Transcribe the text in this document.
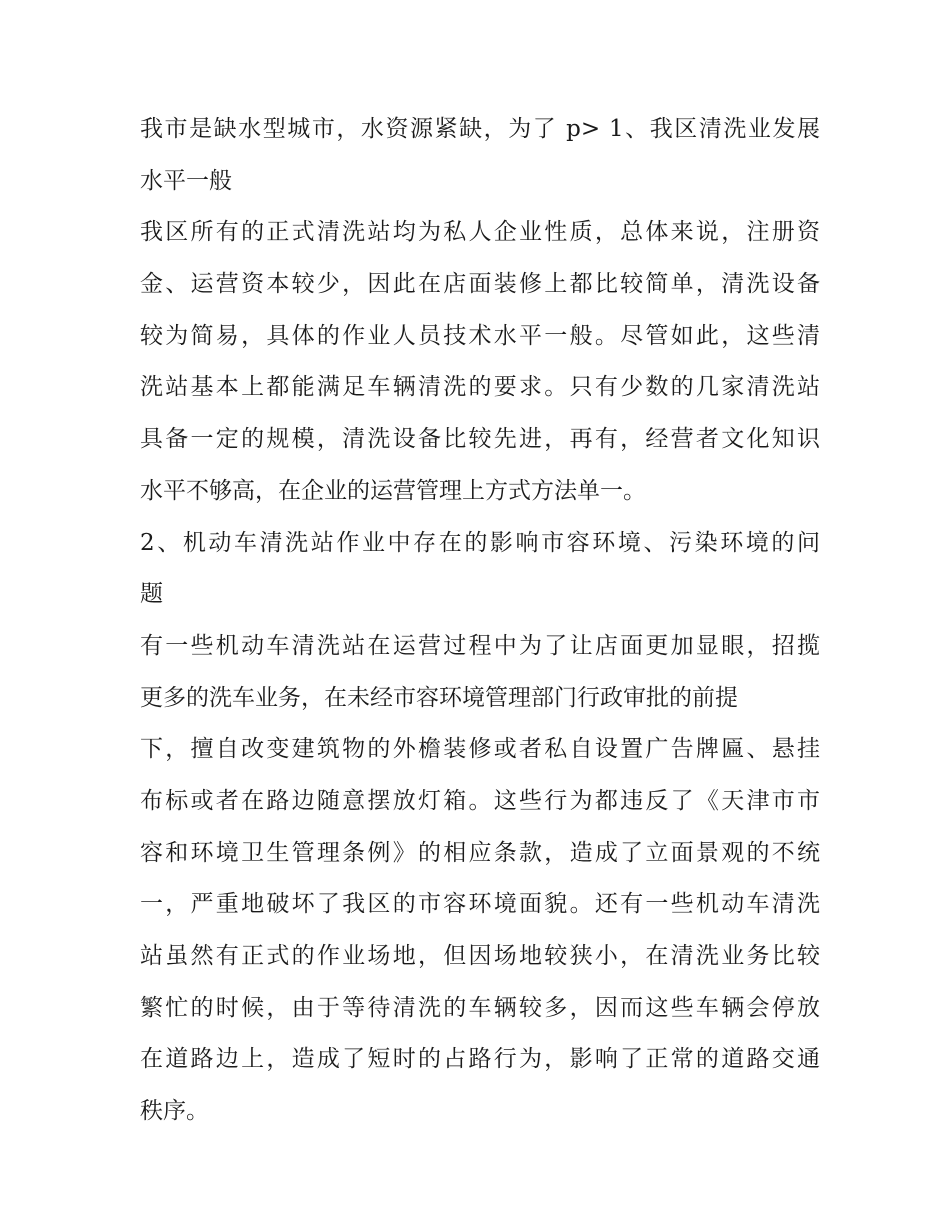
我市是缺水型城市，水资源紧缺，为了 p> 1、我区清洗业发展
水平一般
我区所有的正式清洗站均为私人企业性质，总体来说，注册资
金、运营资本较少，因此在店面装修上都比较简单，清洗设备
较为简易，具体的作业人员技术水平一般。尽管如此，这些清
洗站基本上都能满足车辆清洗的要求。只有少数的几家清洗站
具备一定的规模，清洗设备比较先进，再有，经营者文化知识
水平不够高，在企业的运营管理上方式方法单一。
2、机动车清洗站作业中存在的影响市容环境、污染环境的问
题
有一些机动车清洗站在运营过程中为了让店面更加显眼，招揽
更多的洗车业务，在未经市容环境管理部门行政审批的前提
下，擅自改变建筑物的外檐装修或者私自设置广告牌匾、悬挂
布标或者在路边随意摆放灯箱。这些行为都违反了《天津市市
容和环境卫生管理条例》的相应条款，造成了立面景观的不统
一，严重地破坏了我区的市容环境面貌。还有一些机动车清洗
站虽然有正式的作业场地，但因场地较狭小，在清洗业务比较
繁忙的时候，由于等待清洗的车辆较多，因而这些车辆会停放
在道路边上，造成了短时的占路行为，影响了正常的道路交通
秩序。
